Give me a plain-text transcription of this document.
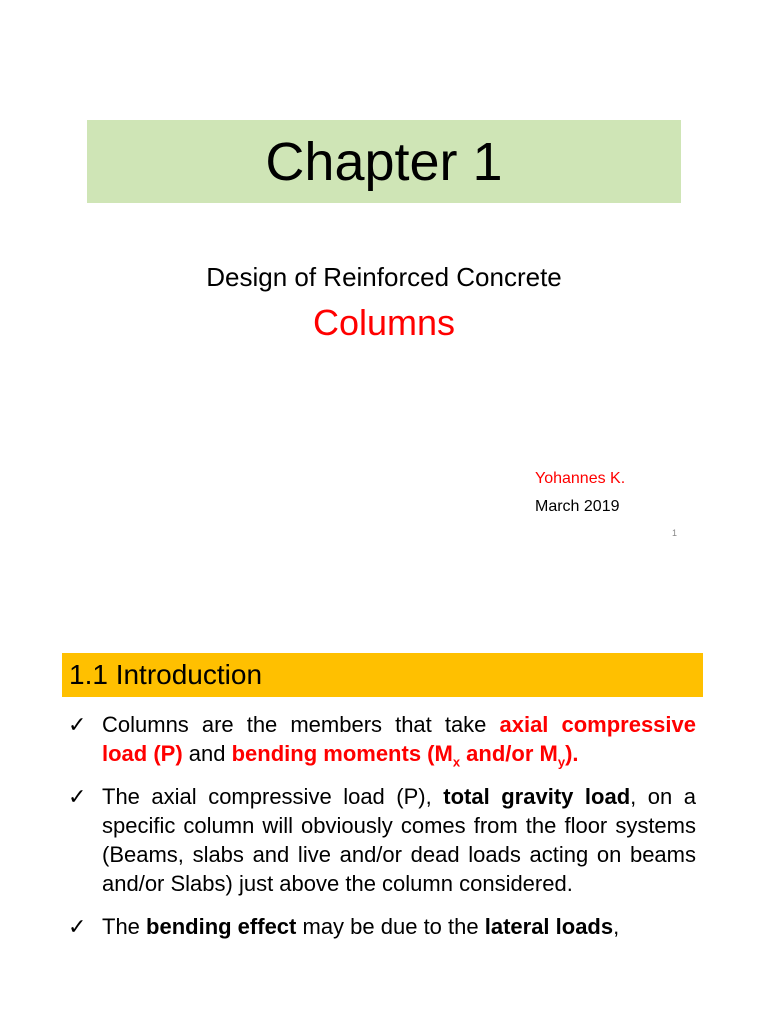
Chapter 1
Design of Reinforced Concrete
Columns
Yohannes K.
March 2019
1
1.1 Introduction
✓ Columns are the members that take axial compressive load (P) and bending moments ($M_x$ and/or $M_y$).
✓ The axial compressive load (P), total gravity load, on a specific column will obviously comes from the floor systems (Beams, slabs and live and/or dead loads acting on beams and/or Slabs) just above the column considered.
✓ The bending effect may be due to the lateral loads,
